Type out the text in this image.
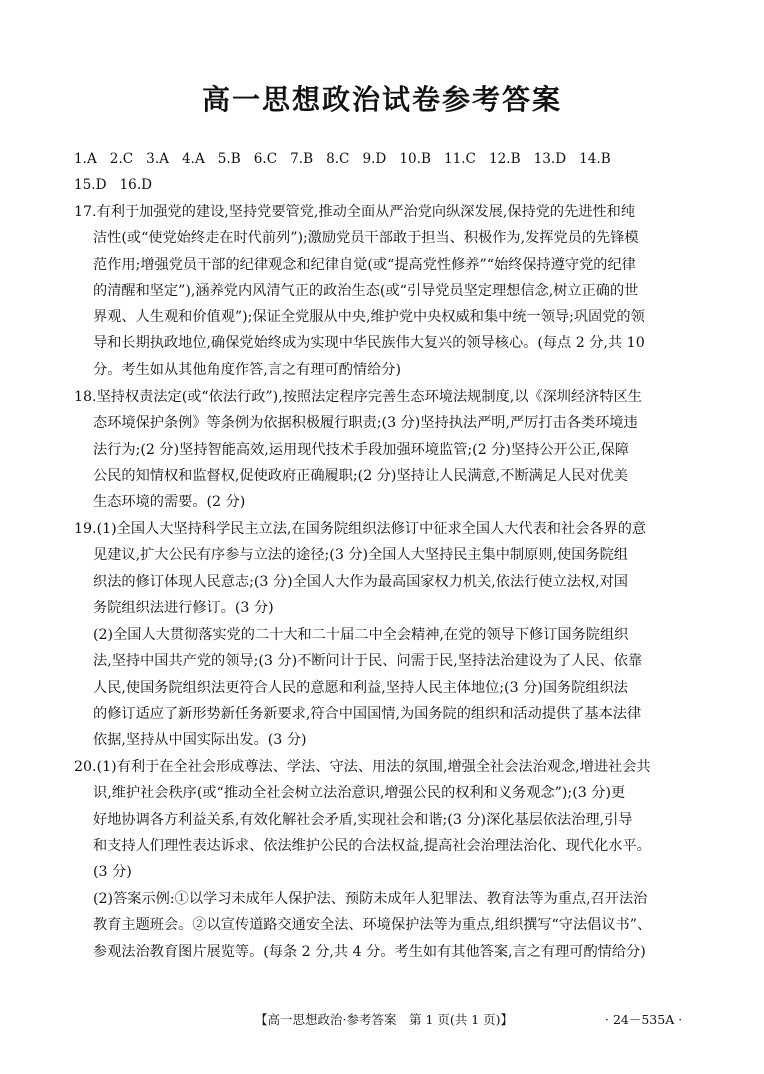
高一思想政治试卷参考答案
1.A 2.C 3.A 4.A 5.B 6.C 7.B 8.C 9.D 10.B 11.C 12.B 13.D 14.B
15.D 16.D
17.有利于加强党的建设,坚持党要管党,推动全面从严治党向纵深发展,保持党的先进性和纯
洁性(或“使党始终走在时代前列”);激励党员干部敢于担当、积极作为,发挥党员的先锋模
范作用;增强党员干部的纪律观念和纪律自觉(或“提高党性修养”“始终保持遵守党的纪律
的清醒和坚定”),涵养党内风清气正的政治生态(或“引导党员坚定理想信念,树立正确的世
界观、人生观和价值观”);保证全党服从中央,维护党中央权威和集中统一领导;巩固党的领
导和长期执政地位,确保党始终成为实现中华民族伟大复兴的领导核心。(每点 2 分,共 10
分。考生如从其他角度作答,言之有理可酌情给分)
18.坚持权责法定(或“依法行政”),按照法定程序完善生态环境法规制度,以《深圳经济特区生
态环境保护条例》等条例为依据积极履行职责;(3 分)坚持执法严明,严厉打击各类环境违
法行为;(2 分)坚持智能高效,运用现代技术手段加强环境监管;(2 分)坚持公开公正,保障
公民的知情权和监督权,促使政府正确履职;(2 分)坚持让人民满意,不断满足人民对优美
生态环境的需要。(2 分)
19.(1)全国人大坚持科学民主立法,在国务院组织法修订中征求全国人大代表和社会各界的意
见建议,扩大公民有序参与立法的途径;(3 分)全国人大坚持民主集中制原则,使国务院组
织法的修订体现人民意志;(3 分)全国人大作为最高国家权力机关,依法行使立法权,对国
务院组织法进行修订。(3 分)
(2)全国人大贯彻落实党的二十大和二十届二中全会精神,在党的领导下修订国务院组织
法,坚持中国共产党的领导;(3 分)不断问计于民、问需于民,坚持法治建设为了人民、依靠
人民,使国务院组织法更符合人民的意愿和利益,坚持人民主体地位;(3 分)国务院组织法
的修订适应了新形势新任务新要求,符合中国国情,为国务院的组织和活动提供了基本法律
依据,坚持从中国实际出发。(3 分)
20.(1)有利于在全社会形成尊法、学法、守法、用法的氛围,增强全社会法治观念,增进社会共
识,维护社会秩序(或“推动全社会树立法治意识,增强公民的权利和义务观念”);(3 分)更
好地协调各方利益关系,有效化解社会矛盾,实现社会和谐;(3 分)深化基层依法治理,引导
和支持人们理性表达诉求、依法维护公民的合法权益,提高社会治理法治化、现代化水平。
(3 分)
(2)答案示例:①以学习未成年人保护法、预防未成年人犯罪法、教育法等为重点,召开法治
教育主题班会。②以宣传道路交通安全法、环境保护法等为重点,组织撰写“守法倡议书”、
参观法治教育图片展览等。(每条 2 分,共 4 分。考生如有其他答案,言之有理可酌情给分)
【高一思想政治·参考答案　第 1 页(共 1 页)】	· 24－535A ·
